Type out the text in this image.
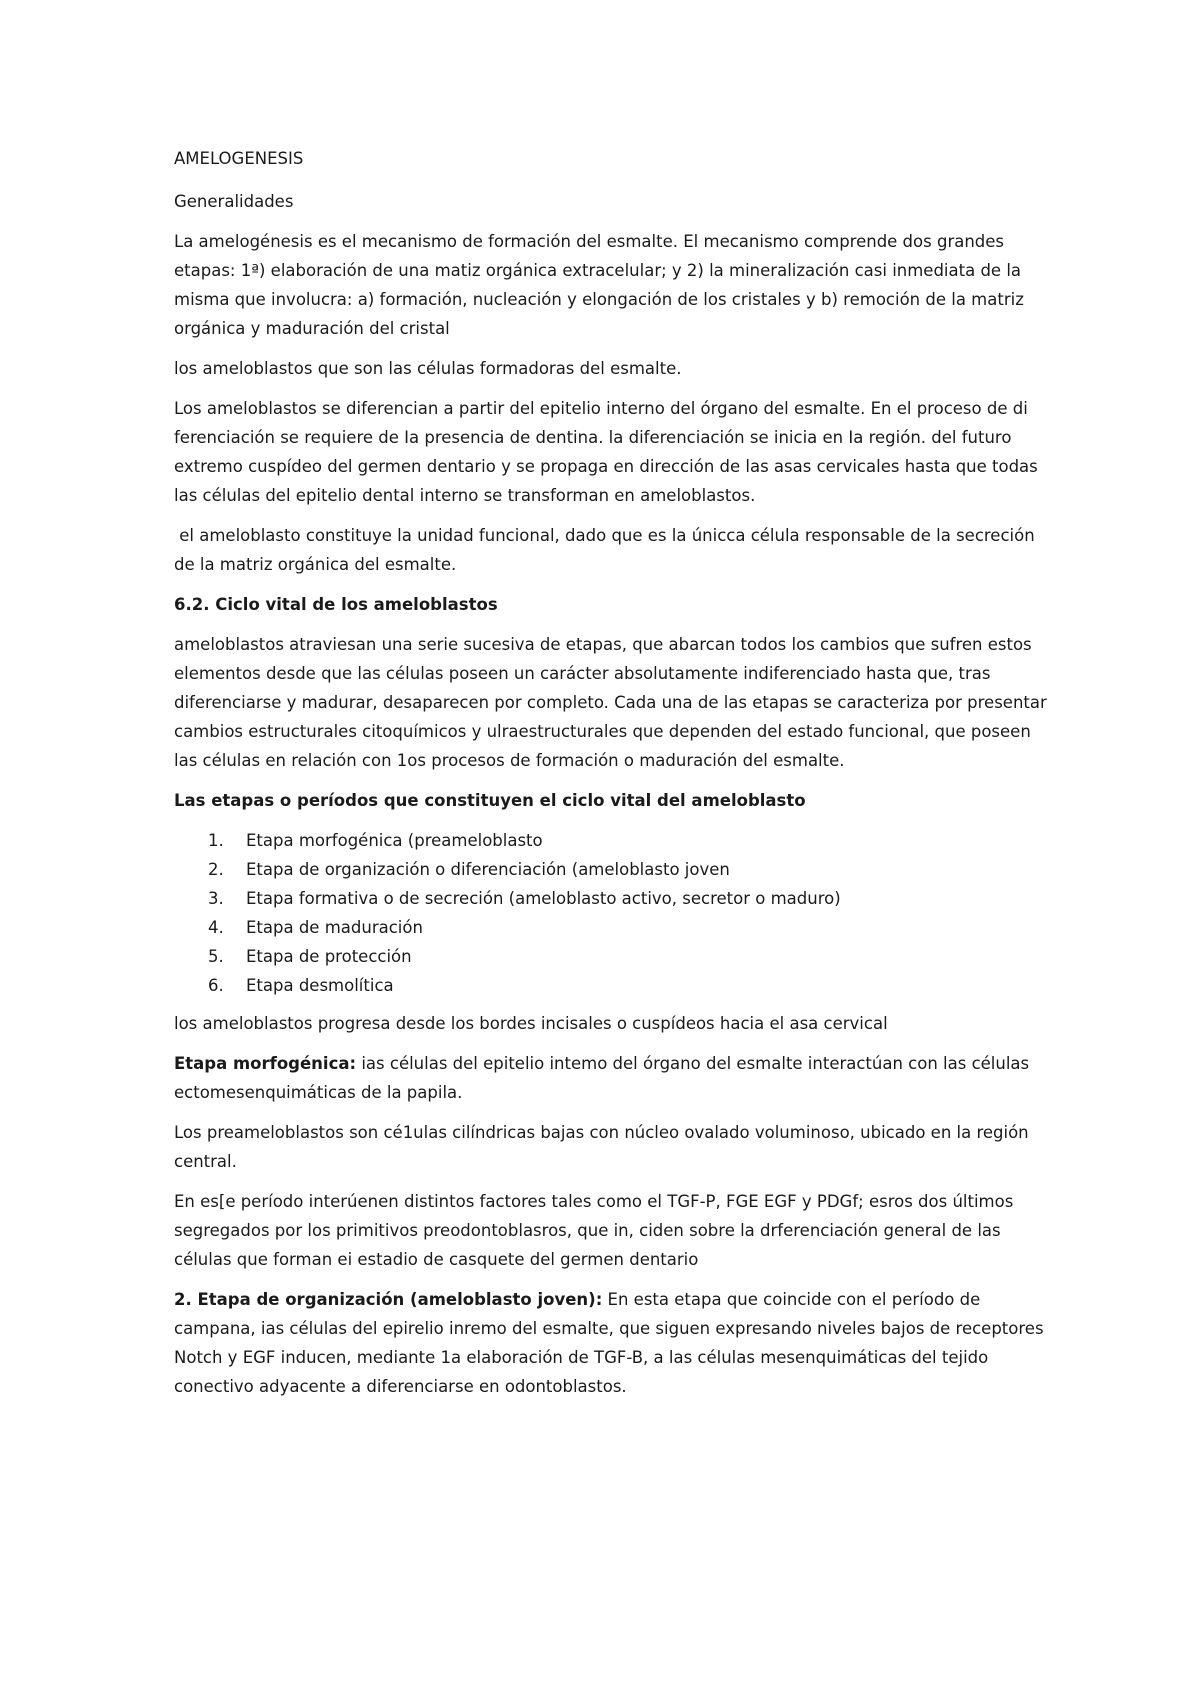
AMELOGENESIS
Generalidades
La amelogénesis es el mecanismo de formación del esmalte. El mecanismo comprende dos grandes etapas: 1ª) elaboración de una matiz orgánica extracelular; y 2) la mineralización casi inmediata de la misma que involucra: a) formación, nucleación y elongación de los cristales y b) remoción de la matriz orgánica y maduración del cristal
los ameloblastos que son las células formadoras del esmalte.
Los ameloblastos se diferencian a partir del epitelio interno del órgano del esmalte. En el proceso de di ferenciación se requiere de Ia presencia de dentina. la diferenciación se inicia en Ia región. del futuro extremo cuspídeo del germen dentario y se propaga en dirección de las asas cervicales hasta que todas las células del epitelio dental interno se transforman en ameloblastos.
el ameloblasto constituye la unidad funcional, dado que es la únicca célula responsable de la secreción de la matriz orgánica del esmalte.
6.2. Ciclo vital de los ameloblastos
ameloblastos atraviesan una serie sucesiva de etapas, que abarcan todos los cambios que sufren estos elementos desde que las células poseen un carácter absolutamente indiferenciado hasta que, tras diferenciarse y madurar, desaparecen por completo. Cada una de las etapas se caracteriza por presentar cambios estructurales citoquímicos y ulraestructurales que dependen del estado funcional, que poseen las células en relación con 1os procesos de formación o maduración del esmalte.
Las etapas o períodos que constituyen el ciclo vital del ameloblasto
1. Etapa morfogénica (preameloblasto
2. Etapa de organización o diferenciación (ameloblasto joven
3. Etapa formativa o de secreción (ameloblasto activo, secretor o maduro)
4. Etapa de maduración
5. Etapa de protección
6. Etapa desmolítica
los ameloblastos progresa desde los bordes incisales o cuspídeos hacia el asa cervical
Etapa morfogénica: ias células del epitelio intemo del órgano del esmalte interactúan con las células ectomesenquimáticas de la papila.
Los preameloblastos son cé1ulas cilíndricas bajas con núcleo ovalado voluminoso, ubicado en la región central.
En es[e período interúenen distintos factores tales como el TGF-P, FGE EGF y PDGf; esros dos últimos segregados por los primitivos preodontoblasros, que in, ciden sobre la drferenciación general de las células que forman ei estadio de casquete del germen dentario
2. Etapa de organización (ameloblasto joven): En esta etapa que coincide con el período de campana, ias células del epirelio inremo del esmalte, que siguen expresando niveles bajos de receptores Notch y EGF inducen, mediante 1a elaboración de TGF-B, a las células mesenquimáticas del tejido conectivo adyacente a diferenciarse en odontoblastos.
